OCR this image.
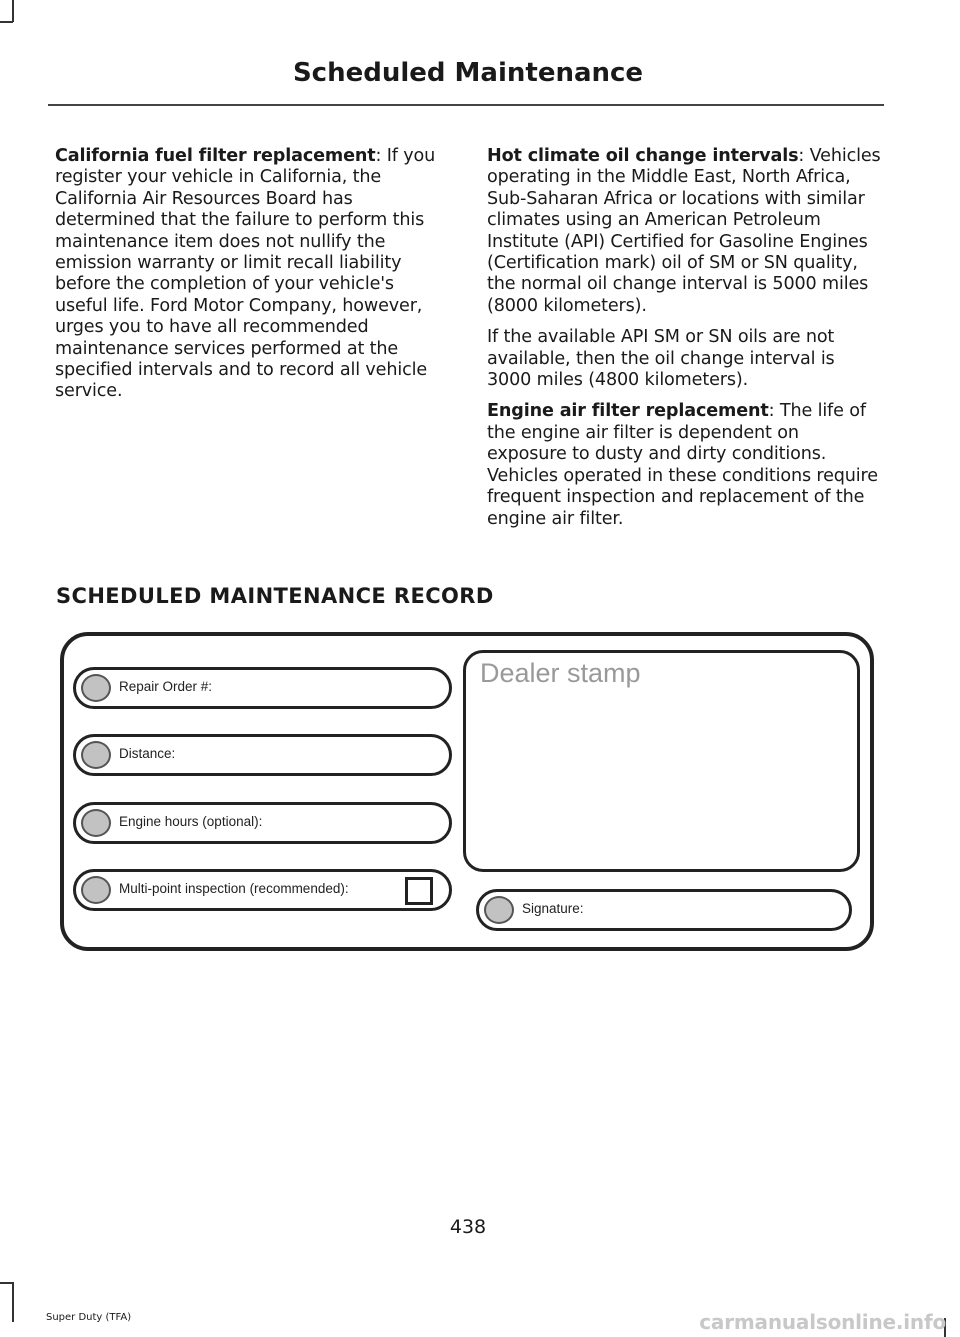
Scheduled Maintenance

California fuel filter replacement: If you register your vehicle in California, the California Air Resources Board has determined that the failure to perform this maintenance item does not nullify the emission warranty or limit recall liability before the completion of your vehicle's useful life. Ford Motor Company, however, urges you to have all recommended maintenance services performed at the specified intervals and to record all vehicle service.

Hot climate oil change intervals: Vehicles operating in the Middle East, North Africa, Sub-Saharan Africa or locations with similar climates using an American Petroleum Institute (API) Certified for Gasoline Engines (Certification mark) oil of SM or SN quality, the normal oil change interval is 5000 miles (8000 kilometers).

If the available API SM or SN oils are not available, then the oil change interval is 3000 miles (4800 kilometers).

Engine air filter replacement: The life of the engine air filter is dependent on exposure to dusty and dirty conditions. Vehicles operated in these conditions require frequent inspection and replacement of the engine air filter.

SCHEDULED MAINTENANCE RECORD
Repair Order #:
Distance:
Engine hours (optional):
Multi-point inspection (recommended):
Dealer stamp
Signature:
438
Super Duty (TFA)	carmanualsonline.info
